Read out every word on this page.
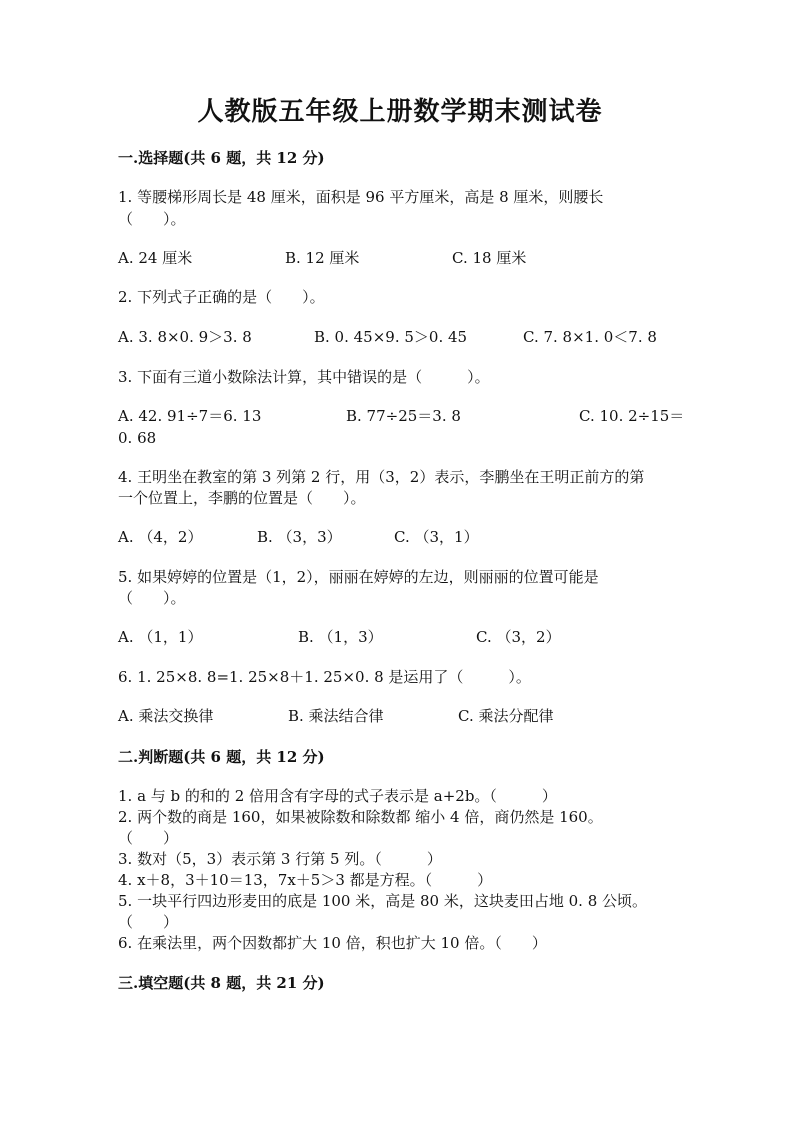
人教版五年级上册数学期末测试卷
一.选择题(共 6 题，共 12 分)
1. 等腰梯形周长是 48 厘米，面积是 96 平方厘米，高是 8 厘米，则腰长
（　　）。
A. 24 厘米	B. 12 厘米	C. 18 厘米
2. 下列式子正确的是（　　）。
A. 3. 8×0. 9＞3. 8	B. 0. 45×9. 5＞0. 45	C. 7. 8×1. 0＜7. 8
3. 下面有三道小数除法计算，其中错误的是（　　　）。
A. 42. 91÷7＝6. 13	B. 77÷25＝3. 8	C. 10. 2÷15＝
0. 68
4. 王明坐在教室的第 3 列第 2 行，用（3，2）表示，李鹏坐在王明正前方的第
一个位置上，李鹏的位置是（　　）。
A. （4，2）	B. （3，3）	C. （3，1）
5. 如果婷婷的位置是（1，2），丽丽在婷婷的左边，则丽丽的位置可能是
（　　）。
A. （1，1）	B. （1，3）	C. （3，2）
6. 1. 25×8. 8=1. 25×8＋1. 25×0. 8 是运用了（　　　）。
A. 乘法交换律	B. 乘法结合律	C. 乘法分配律
二.判断题(共 6 题，共 12 分)
1. a 与 b 的和的 2 倍用含有字母的式子表示是 a+2b。（　　　）
2. 两个数的商是 160，如果被除数和除数都 缩小 4 倍，商仍然是 160。
（　　）
3. 数对（5，3）表示第 3 行第 5 列。（　　　）
4. x＋8，3＋10＝13，7x＋5＞3 都是方程。（　　　）
5. 一块平行四边形麦田的底是 100 米，高是 80 米，这块麦田占地 0. 8 公顷。
（　　）
6. 在乘法里，两个因数都扩大 10 倍，积也扩大 10 倍。（　　）
三.填空题(共 8 题，共 21 分)
